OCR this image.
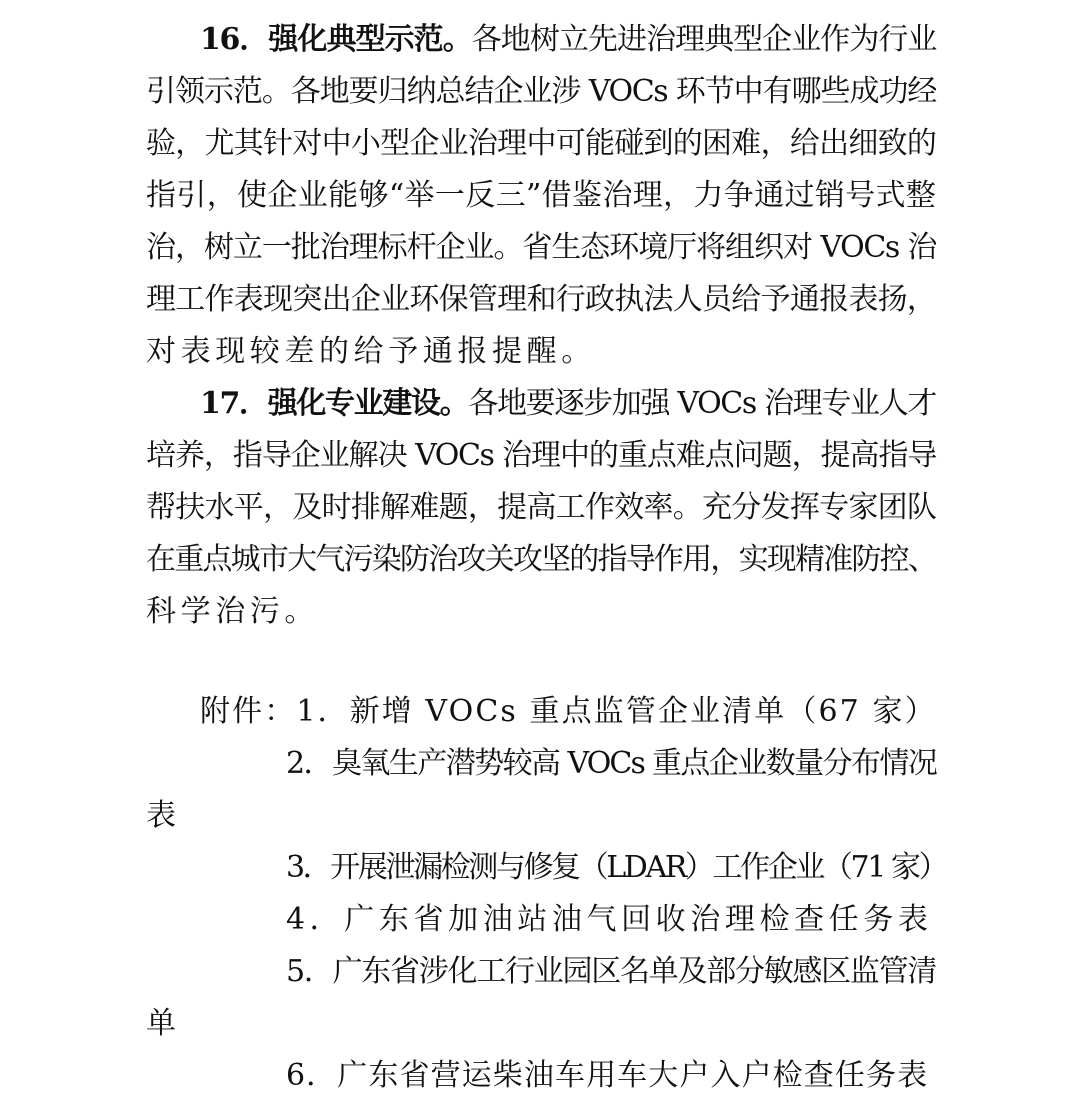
16．强化典型示范。各地树立先进治理典型企业作为行业
引领示范。各地要归纳总结企业涉 VOCs 环节中有哪些成功经
验，尤其针对中小型企业治理中可能碰到的困难，给出细致的
指引，使企业能够“举一反三”借鉴治理，力争通过销号式整
治，树立一批治理标杆企业。省生态环境厅将组织对 VOCs 治
理工作表现突出企业环保管理和行政执法人员给予通报表扬，
对表现较差的给予通报提醒。
17．强化专业建设。各地要逐步加强 VOCs 治理专业人才
培养，指导企业解决 VOCs 治理中的重点难点问题，提高指导
帮扶水平，及时排解难题，提高工作效率。充分发挥专家团队
在重点城市大气污染防治攻关攻坚的指导作用，实现精准防控、
科学治污。
附件：1．新增 VOCs 重点监管企业清单（67 家）
2．臭氧生产潜势较高 VOCs 重点企业数量分布情况
表
3．开展泄漏检测与修复（LDAR）工作企业（71 家）
4．广东省加油站油气回收治理检查任务表
5．广东省涉化工行业园区名单及部分敏感区监管清
单
6．广东省营运柴油车用车大户入户检查任务表
